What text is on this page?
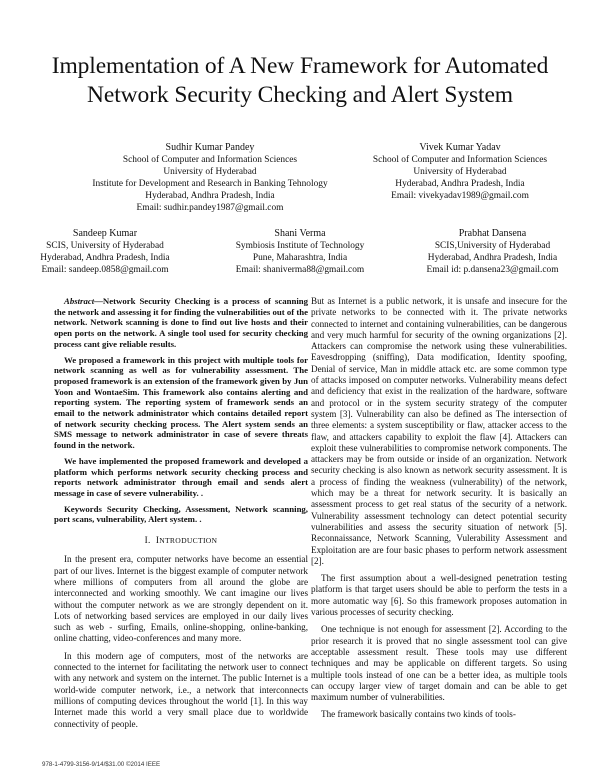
Implementation of A New Framework for Automated Network Security Checking and Alert System
Sudhir Kumar Pandey
School of Computer and Information Sciences
University of Hyderabad
Institute for Development and Research in Banking Tehnology
Hyderabad, Andhra Pradesh, India
Email: sudhir.pandey1987@gmail.com
Vivek Kumar Yadav
School of Computer and Information Sciences
University of Hyderabad
Hyderabad, Andhra Pradesh, India
Email: vivekyadav1989@gmail.com
Sandeep Kumar
SCIS, University of Hyderabad
Hyderabad, Andhra Pradesh, India
Email: sandeep.0858@gmail.com
Shani Verma
Symbiosis Institute of Technology
Pune, Maharashtra, India
Email: shaniverma88@gmail.com
Prabhat Dansena
SCIS,University of Hyderabad
Hyderabad, Andhra Pradesh, India
Email id: p.dansena23@gmail.com

Abstract—Network Security Checking is a process of scanning the network and assessing it for finding the vulnerabilities out of the network. Network scanning is done to find out live hosts and their open ports on the network. A single tool used for security checking process cant give reliable results.

We proposed a framework in this project with multiple tools for network scanning as well as for vulnerability assessment. The proposed framework is an extension of the framework given by Jun Yoon and WontaeSim. This framework also contains alerting and reporting system. The reporting system of framework sends an email to the network administrator which contains detailed report of network security checking process. The Alert system sends an SMS message to network administrator in case of severe threats found in the network.

We have implemented the proposed framework and developed a platform which performs network security checking process and reports network administrator through email and sends alert message in case of severe vulnerability. .

Keywords Security Checking, Assessment, Network scanning, port scans, vulnerability, Alert system. .

I. INTRODUCTION

In the present era, computer networks have become an essential part of our lives. Internet is the biggest example of computer network where millions of computers from all around the globe are interconnected and working smoothly. We cant imagine our lives without the computer network as we are strongly dependent on it. Lots of networking based services are employed in our daily lives such as web - surfing, Emails, online-shopping, online-banking, online chatting, video-conferences and many more.

In this modern age of computers, most of the networks are connected to the internet for facilitating the network user to connect with any network and system on the internet. The public Internet is a world-wide computer network, i.e., a network that interconnects millions of computing devices throughout the world [1]. In this way Internet made this world a very small place due to worldwide connectivity of people.

But as Internet is a public network, it is unsafe and insecure for the private networks to be connected with it. The private networks connected to internet and containing vulnerabilities, can be dangerous and very much harmful for security of the owning organizations [2]. Attackers can compromise the network using these vulnerabilities. Eavesdropping (sniffing), Data modification, Identity spoofing, Denial of service, Man in middle attack etc. are some common type of attacks imposed on computer networks. Vulnerability means defect and deficiency that exist in the realization of the hardware, software and protocol or in the system security strategy of the computer system [3]. Vulnerability can also be defined as The intersection of three elements: a system susceptibility or flaw, attacker access to the flaw, and attackers capability to exploit the flaw [4]. Attackers can exploit these vulnerabilities to compromise network components. The attackers may be from outside or inside of an organization. Network security checking is also known as network security assessment. It is a process of finding the weakness (vulnerability) of the network, which may be a threat for network security. It is basically an assessment process to get real status of the security of a network. Vulnerability assessment technology can detect potential security vulnerabilities and assess the security situation of network [5]. Reconnaissance, Network Scanning, Vulerability Assessment and Exploitation are are four basic phases to perform network assessment [2].

The first assumption about a well-designed penetration testing platform is that target users should be able to perform the tests in a more automatic way [6]. So this framework proposes automation in various processes of security checking.

One technique is not enough for assessment [2]. According to the prior research it is proved that no single assessment tool can give acceptable assessment result. These tools may use different techniques and may be applicable on different targets. So using multiple tools instead of one can be a better idea, as multiple tools can occupy larger view of target domain and can be able to get maximum number of vulnerabilities.

The framework basically contains two kinds of tools-

978-1-4799-3156-9/14/$31.00 ©2014 IEEE
